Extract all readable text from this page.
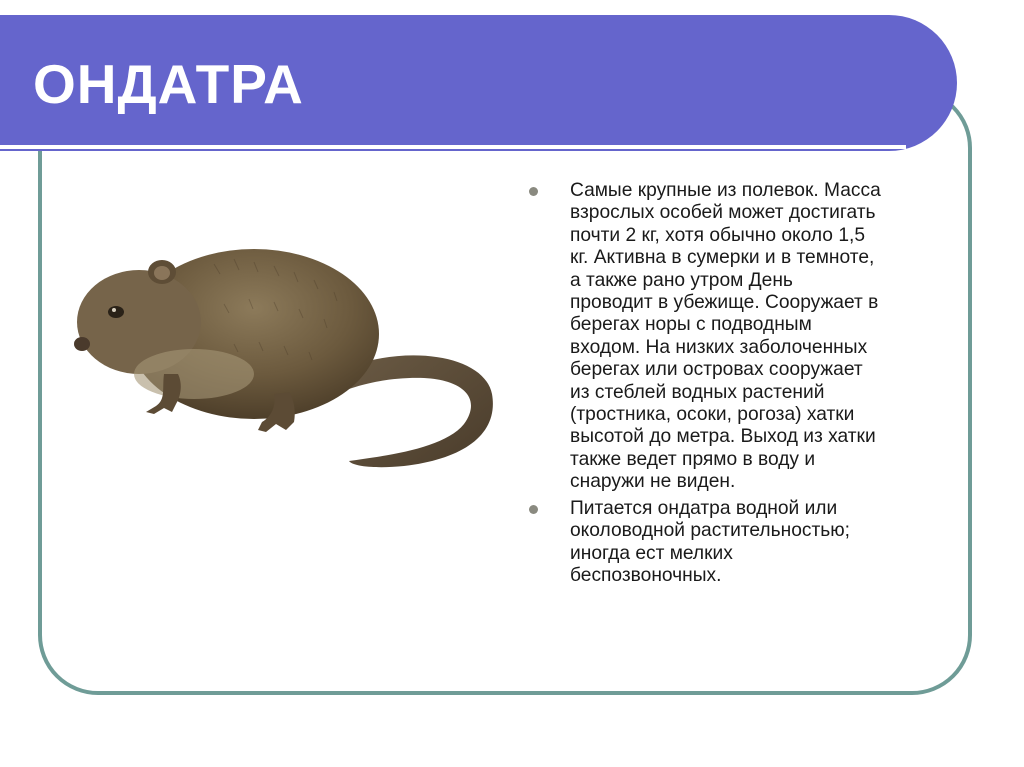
ОНДАТРА
Самые крупные из полевок. Масса
взрослых особей может достигать
почти 2 кг, хотя обычно около 1,5
кг. Активна в сумерки и в темноте,
а также рано утром День
проводит в убежище. Сооружает в
берегах норы с подводным
входом. На низких заболоченных
берегах или островах сооружает
из стеблей водных растений
(тростника, осоки, рогоза) хатки
высотой до метра. Выход из хатки
также ведет прямо в воду и
снаружи не виден.
Питается ондатра водной или
околоводной растительностью;
иногда ест мелких
беспозвоночных.
